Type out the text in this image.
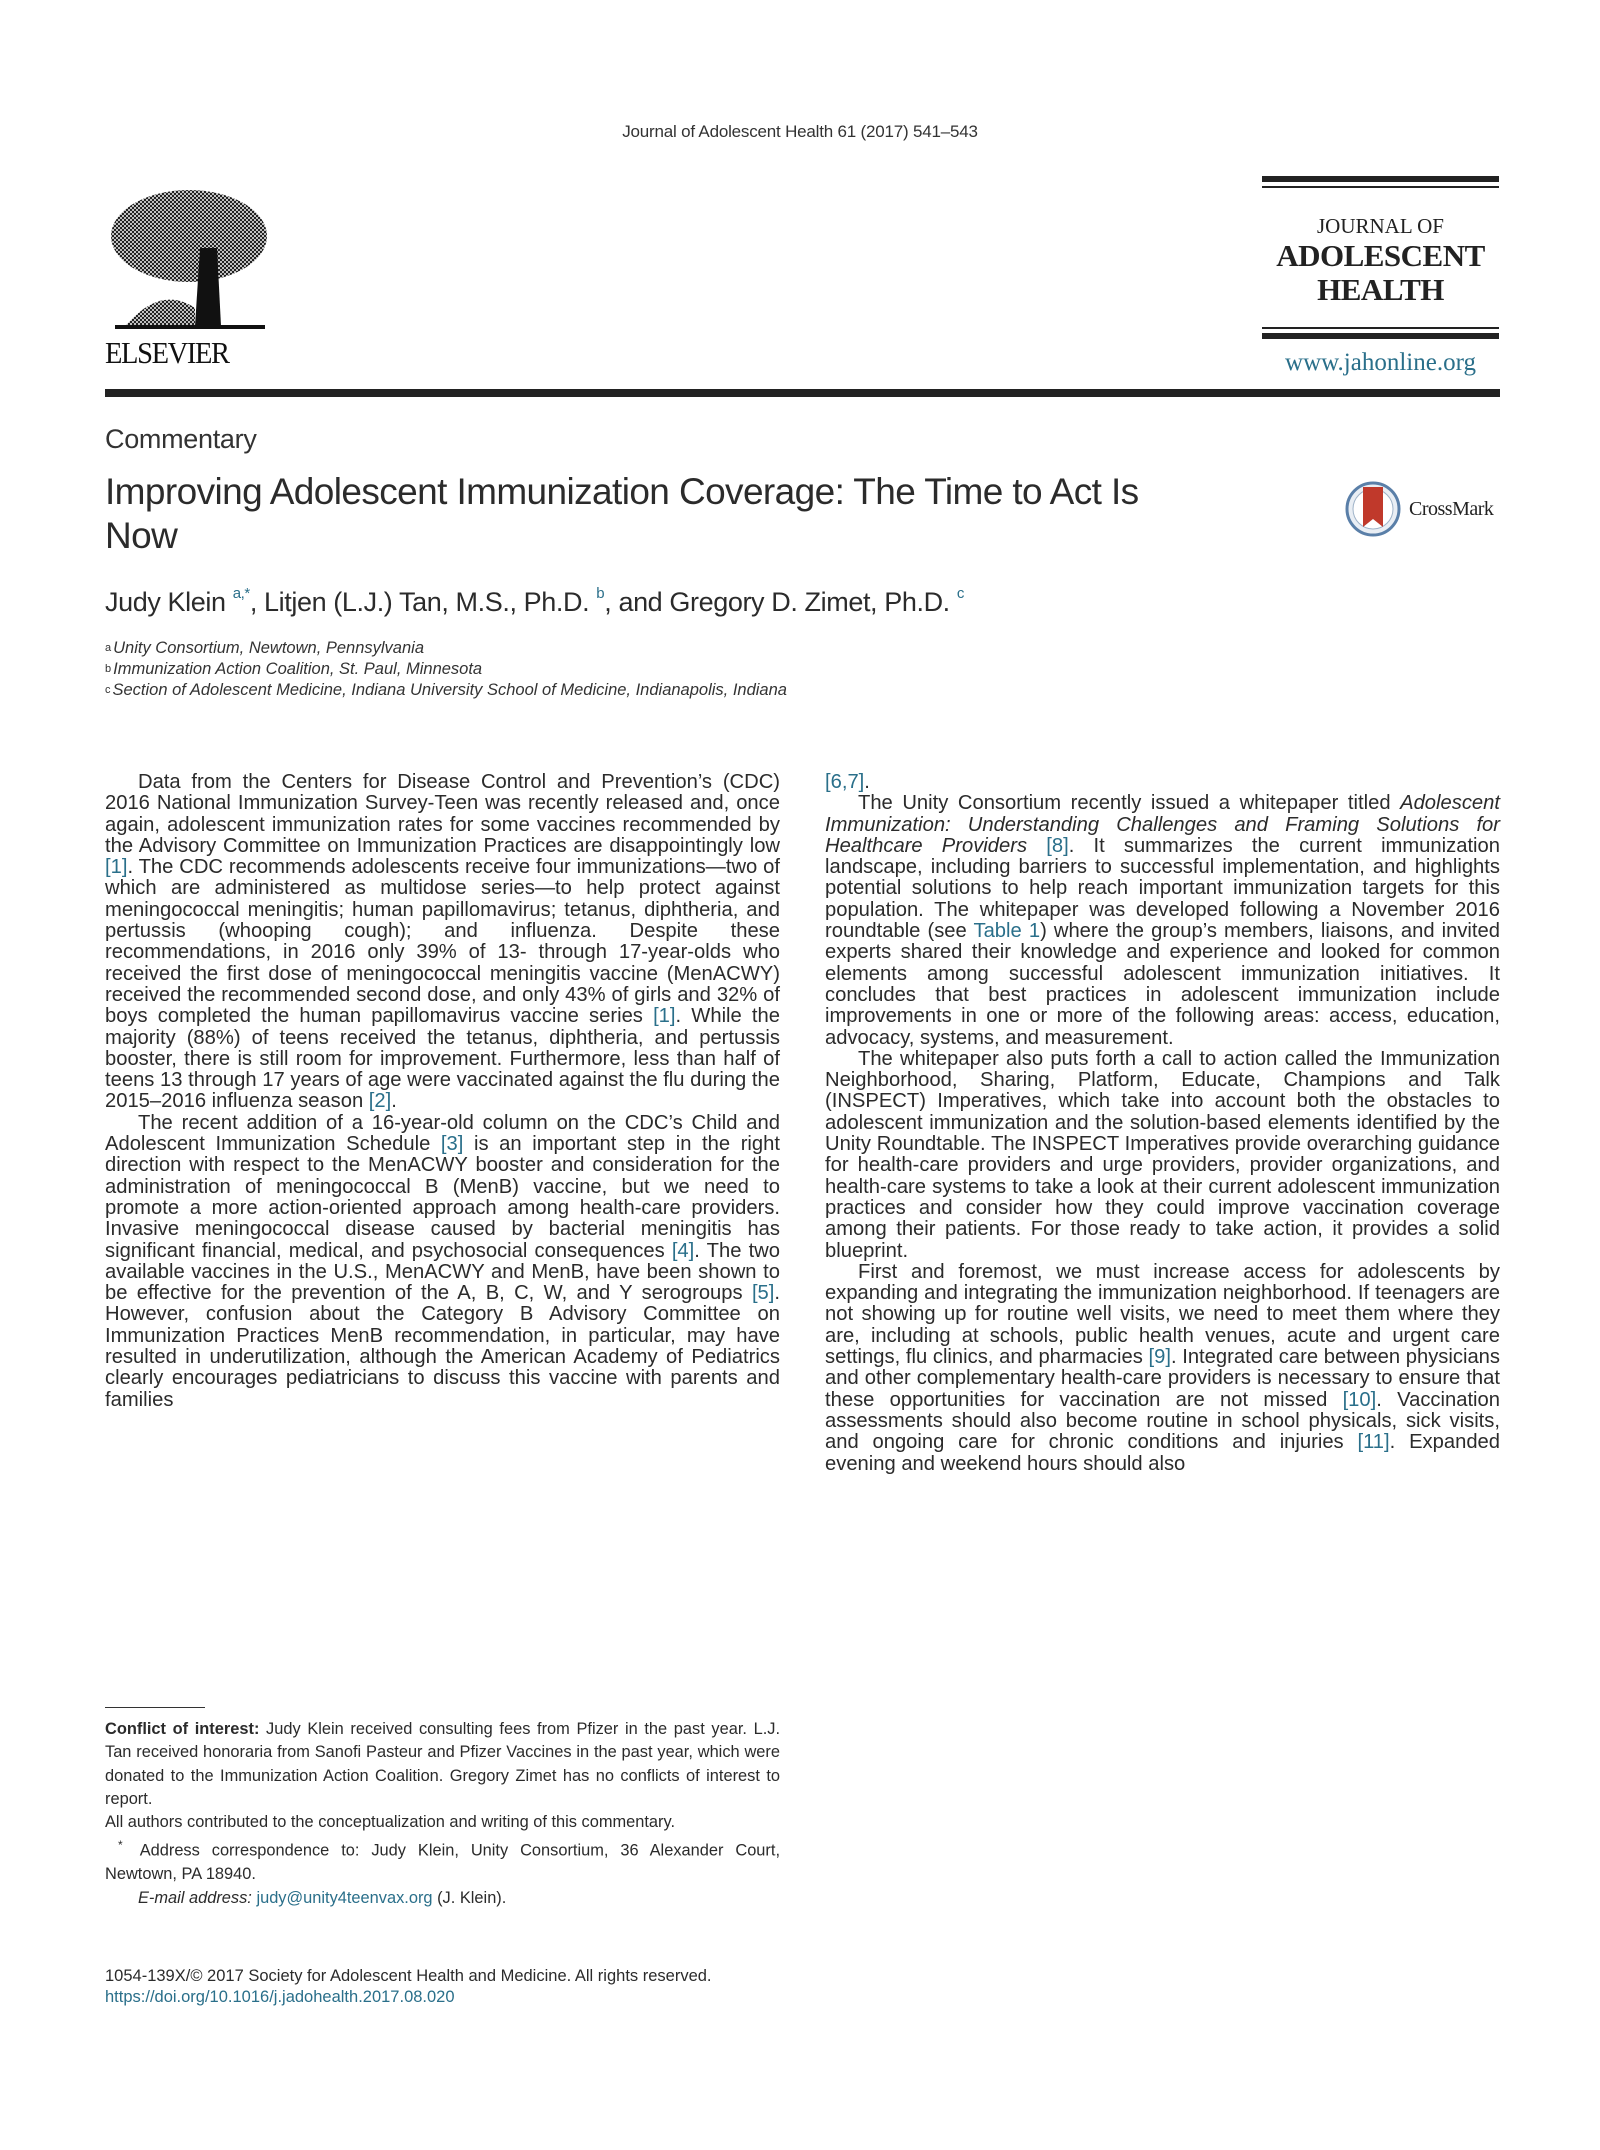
Journal of Adolescent Health 61 (2017) 541–543
ELSEVIER
JOURNAL OF
ADOLESCENT
HEALTH
www.jahonline.org
Commentary
Improving Adolescent Immunization Coverage: The Time to Act Is Now
CrossMark
Judy Klein $^{a,*}$, Litjen (L.J.) Tan, M.S., Ph.D. $^b$, and Gregory D. Zimet, Ph.D. $^c$
$^a$ Unity Consortium, Newtown, Pennsylvania
$^b$ Immunization Action Coalition, St. Paul, Minnesota
$^c$ Section of Adolescent Medicine, Indiana University School of Medicine, Indianapolis, Indiana

Data from the Centers for Disease Control and Prevention’s (CDC) 2016 National Immunization Survey-Teen was recently released and, once again, adolescent immunization rates for some vaccines recommended by the Advisory Committee on Immunization Practices are disappointingly low [1]. The CDC recommends adolescents receive four immunizations—two of which are administered as multidose series—to help protect against meningococcal meningitis; human papillomavirus; tetanus, diphtheria, and pertussis (whooping cough); and influenza. Despite these recommendations, in 2016 only 39% of 13- through 17-year-olds who received the first dose of meningococcal meningitis vaccine (MenACWY) received the recommended second dose, and only 43% of girls and 32% of boys completed the human papillomavirus vaccine series [1]. While the majority (88%) of teens received the tetanus, diphtheria, and pertussis booster, there is still room for improvement. Furthermore, less than half of teens 13 through 17 years of age were vaccinated against the flu during the 2015–2016 influenza season [2].

The recent addition of a 16-year-old column on the CDC’s Child and Adolescent Immunization Schedule [3] is an important step in the right direction with respect to the MenACWY booster and consideration for the administration of meningococcal B (MenB) vaccine, but we need to promote a more action-oriented approach among health-care providers. Invasive meningococcal disease caused by bacterial meningitis has significant financial, medical, and psychosocial consequences [4]. The two available vaccines in the U.S., MenACWY and MenB, have been shown to be effective for the prevention of the A, B, C, W, and Y serogroups [5]. However, confusion about the Category B Advisory Committee on Immunization Practices MenB recommendation, in particular, may have resulted in underutilization, although the American Academy of Pediatrics clearly encourages pediatricians to discuss this vaccine with parents and families

[6,7].

The Unity Consortium recently issued a whitepaper titled Adolescent Immunization: Understanding Challenges and Framing Solutions for Healthcare Providers [8]. It summarizes the current immunization landscape, including barriers to successful implementation, and highlights potential solutions to help reach important immunization targets for this population. The whitepaper was developed following a November 2016 roundtable (see Table 1) where the group’s members, liaisons, and invited experts shared their knowledge and experience and looked for common elements among successful adolescent immunization initiatives. It concludes that best practices in adolescent immunization include improvements in one or more of the following areas: access, education, advocacy, systems, and measurement.

The whitepaper also puts forth a call to action called the Immunization Neighborhood, Sharing, Platform, Educate, Champions and Talk (INSPECT) Imperatives, which take into account both the obstacles to adolescent immunization and the solution-based elements identified by the Unity Roundtable. The INSPECT Imperatives provide overarching guidance for health-care providers and urge providers, provider organizations, and health-care systems to take a look at their current adolescent immunization practices and consider how they could improve vaccination coverage among their patients. For those ready to take action, it provides a solid blueprint.

First and foremost, we must increase access for adolescents by expanding and integrating the immunization neighborhood. If teenagers are not showing up for routine well visits, we need to meet them where they are, including at schools, public health venues, acute and urgent care settings, flu clinics, and pharmacies [9]. Integrated care between physicians and other complementary health-care providers is necessary to ensure that these opportunities for vaccination are not missed [10]. Vaccination assessments should also become routine in school physicals, sick visits, and ongoing care for chronic conditions and injuries [11]. Expanded evening and weekend hours should also

Conflict of interest: Judy Klein received consulting fees from Pfizer in the past year. L.J. Tan received honoraria from Sanofi Pasteur and Pfizer Vaccines in the past year, which were donated to the Immunization Action Coalition. Gregory Zimet has no conflicts of interest to report.

All authors contributed to the conceptualization and writing of this commentary.

* Address correspondence to: Judy Klein, Unity Consortium, 36 Alexander Court, Newtown, PA 18940.

E-mail address: judy@unity4teenvax.org (J. Klein).

1054-139X/© 2017 Society for Adolescent Health and Medicine. All rights reserved.
https://doi.org/10.1016/j.jadohealth.2017.08.020
